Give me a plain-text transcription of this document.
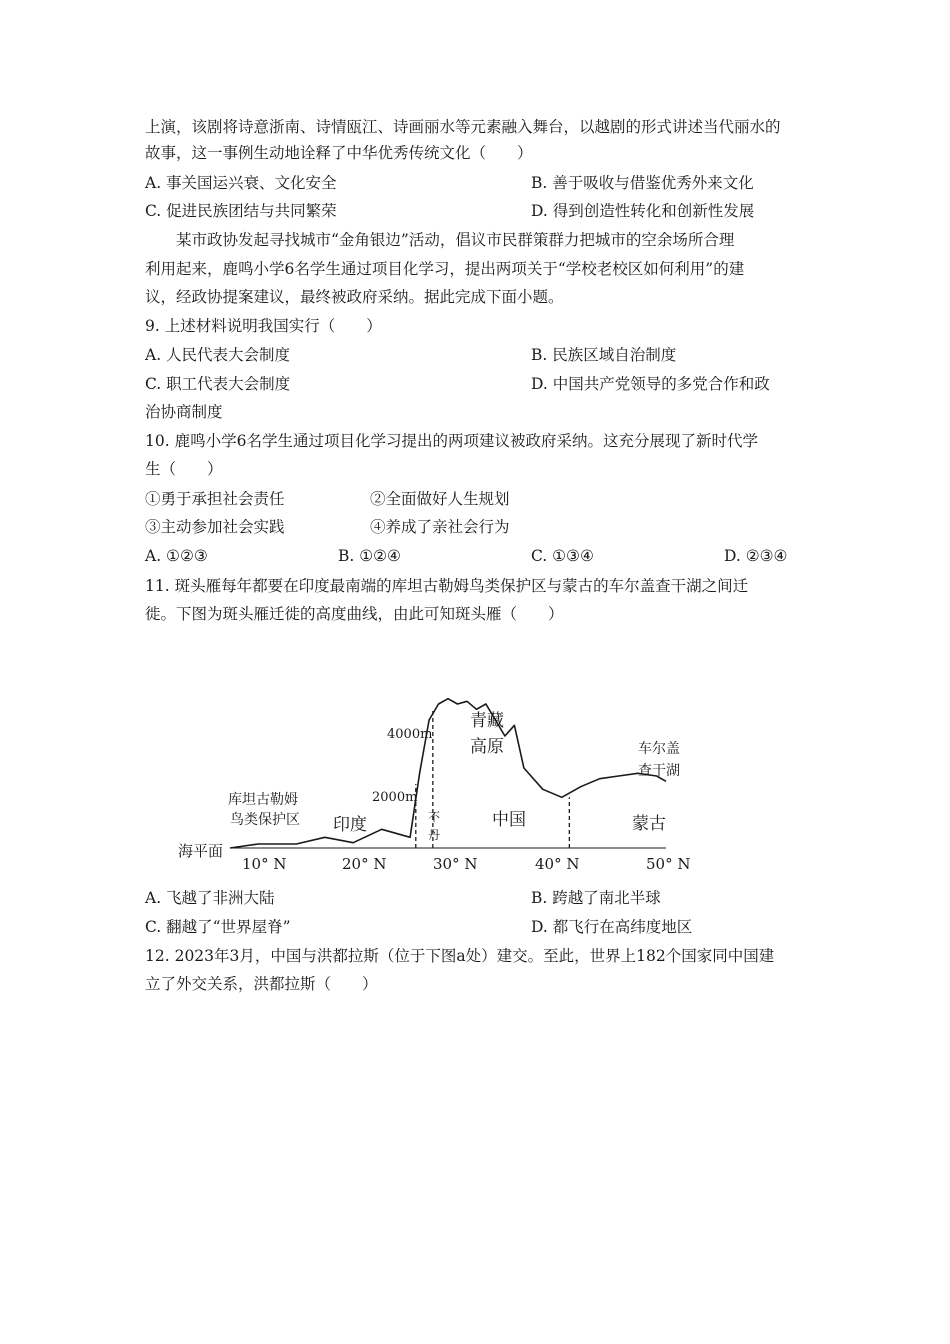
上演，该剧将诗意浙南、诗情瓯江、诗画丽水等元素融入舞台，以越剧的形式讲述当代丽水的
故事，这一事例生动地诠释了中华优秀传统文化（　　）
A. 事关国运兴衰、文化安全	B. 善于吸收与借鉴优秀外来文化
C. 促进民族团结与共同繁荣	D. 得到创造性转化和创新性发展
某市政协发起寻找城市“金角银边”活动，倡议市民群策群力把城市的空余场所合理
利用起来，鹿鸣小学6名学生通过项目化学习，提出两项关于“学校老校区如何利用”的建
议，经政协提案建议，最终被政府采纳。据此完成下面小题。
9. 上述材料说明我国实行（　　）
A. 人民代表大会制度	B. 民族区域自治制度
C. 职工代表大会制度	D. 中国共产党领导的多党合作和政
治协商制度
10. 鹿鸣小学6名学生通过项目化学习提出的两项建议被政府采纳。这充分展现了新时代学
生（　　）
①勇于承担社会责任	②全面做好人生规划
③主动参加社会实践	④养成了亲社会行为
A. ①②③	B. ①②④	C. ①③④	D. ②③④
11. 斑头雁每年都要在印度最南端的库坦古勒姆鸟类保护区与蒙古的车尔盖查干湖之间迁
徙。下图为斑头雁迁徙的高度曲线，由此可知斑头雁（　　）
海平面
2000m
4000m
10° N	20° N	30° N	40° N	50° N
库坦古勒姆
鸟类保护区 印度	不
丹
青藏
高原
中国	蒙古
车尔盖
查干湖
A. 飞越了非洲大陆	B. 跨越了南北半球
C. 翻越了“世界屋脊”	D. 都飞行在高纬度地区
12. 2023年3月，中国与洪都拉斯（位于下图a处）建交。至此，世界上182个国家同中国建
立了外交关系，洪都拉斯（　　）
